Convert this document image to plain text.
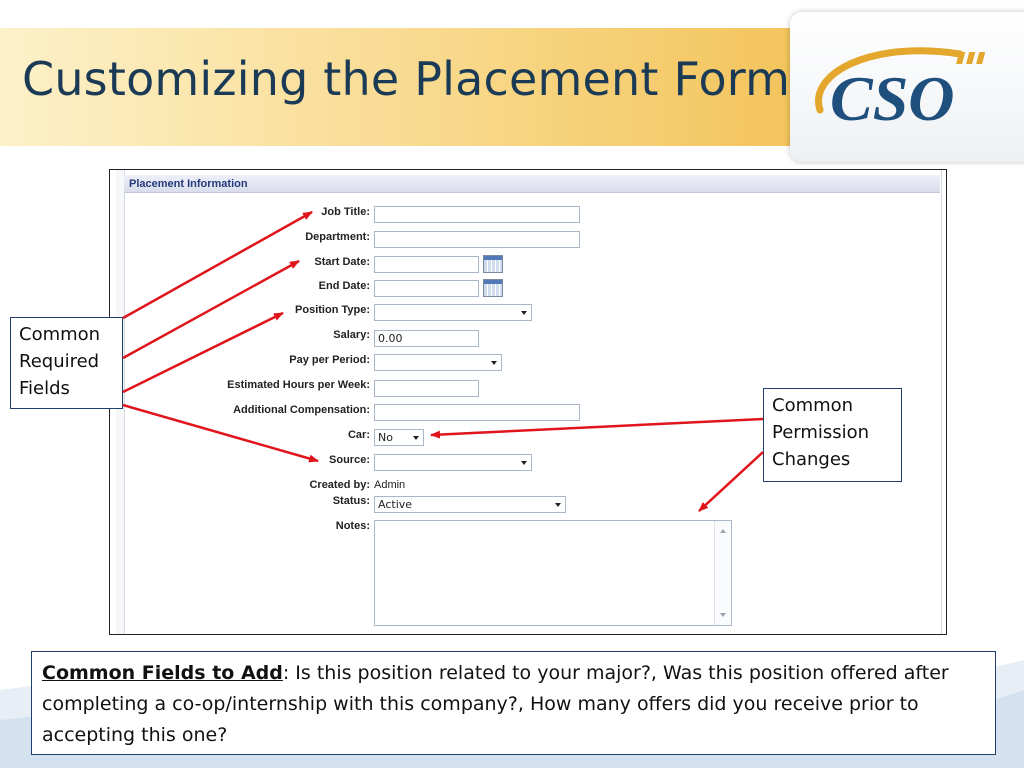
Customizing the Placement Form CSO
Placement Information
Job Title:
Department:
Start Date:
End Date:
Position Type:
Salary: 0.00
Pay per Period:
Estimated Hours per Week:
Additional Compensation:
Car: No
Source:
Created by: Admin
Status: Active
Notes:
Common
Required
Fields
Common
Permission
Changes
Common Fields to Add: Is this position related to your major?, Was this position offered after completing a co-op/internship with this company?, How many offers did you receive prior to accepting this one?
